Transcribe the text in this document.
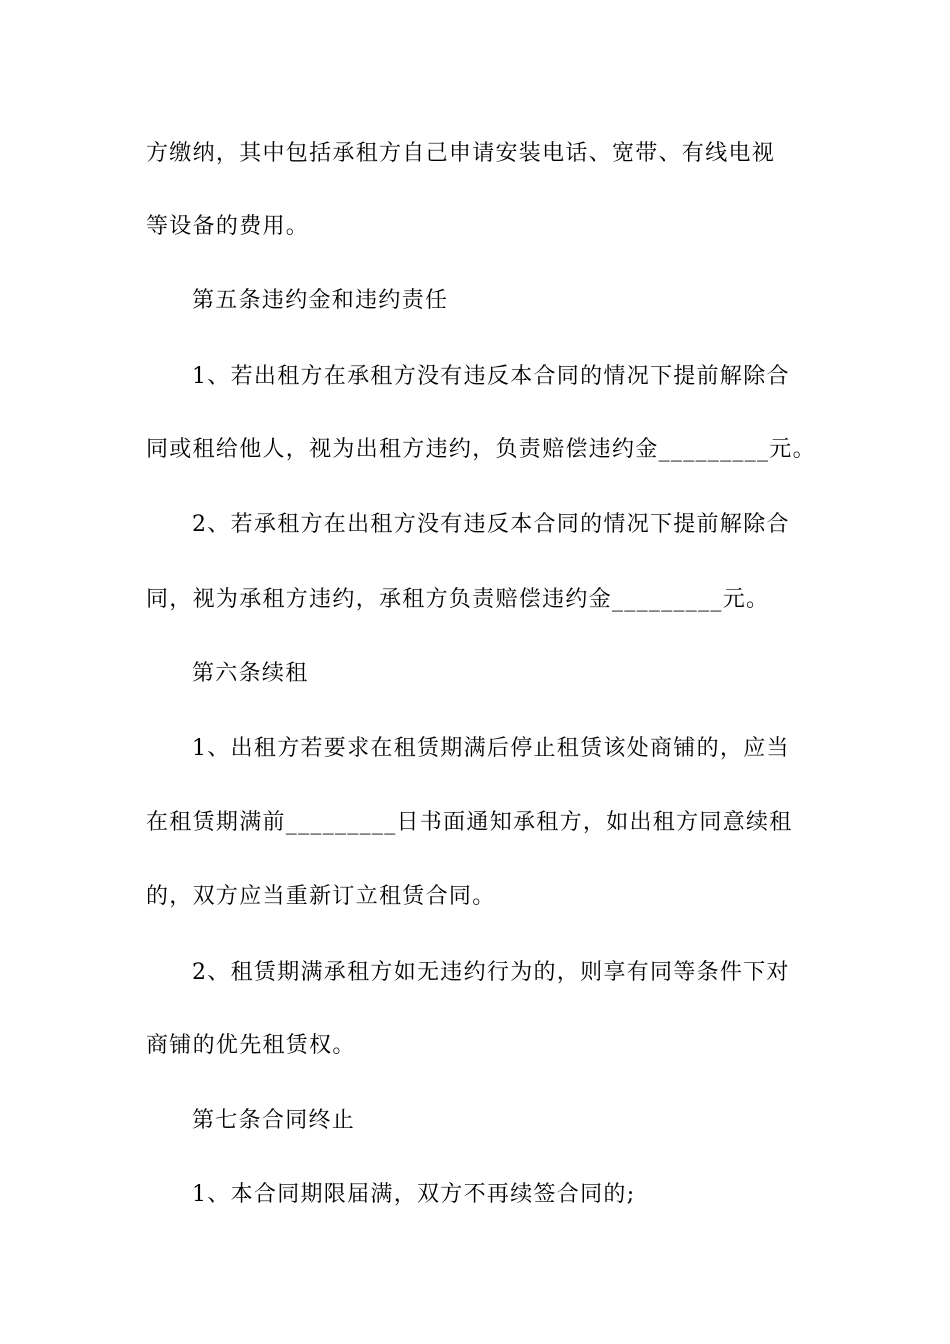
方缴纳，其中包括承租方自己申请安装电话、宽带、有线电视
等设备的费用。
第五条违约金和违约责任
1、若出租方在承租方没有违反本合同的情况下提前解除合
同或租给他人，视为出租方违约，负责赔偿违约金_________元。
2、若承租方在出租方没有违反本合同的情况下提前解除合
同，视为承租方违约，承租方负责赔偿违约金_________元。
第六条续租
1、出租方若要求在租赁期满后停止租赁该处商铺的，应当
在租赁期满前_________日书面通知承租方，如出租方同意续租
的，双方应当重新订立租赁合同。
2、租赁期满承租方如无违约行为的，则享有同等条件下对
商铺的优先租赁权。
第七条合同终止
1、本合同期限届满，双方不再续签合同的;
